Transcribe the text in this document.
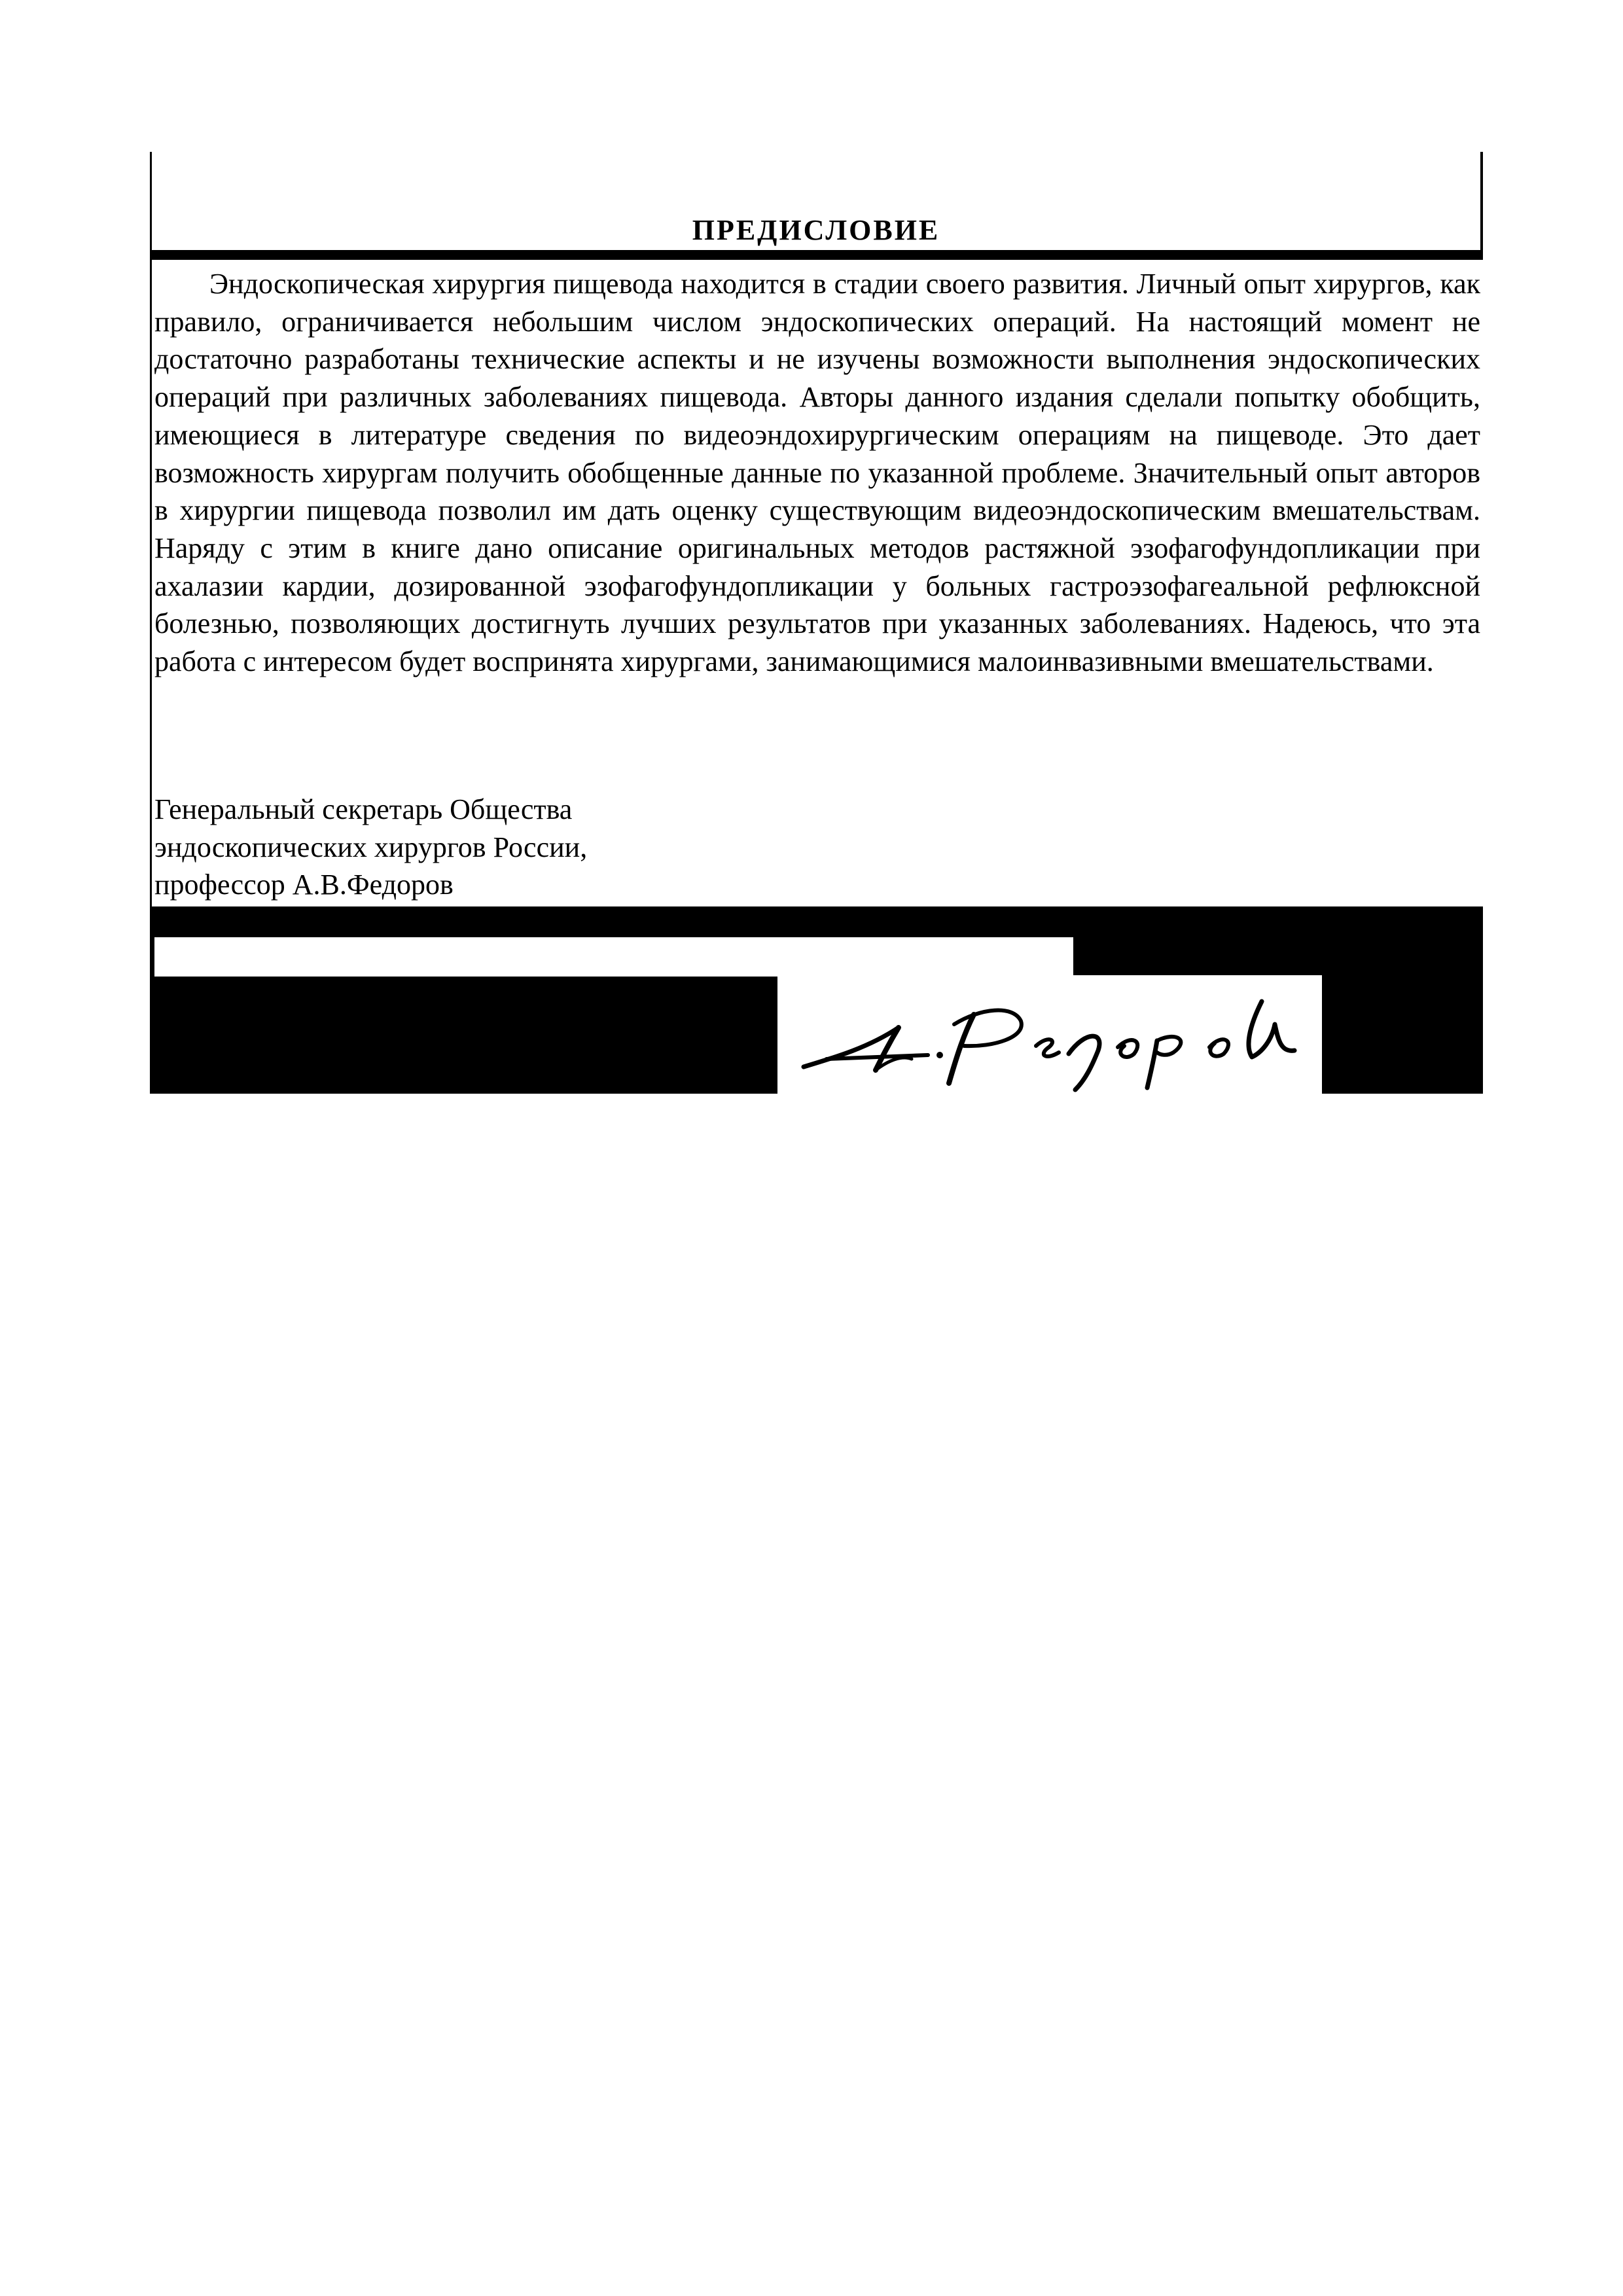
ПРЕДИСЛОВИЕ

Эндоскопическая хирургия пищевода находится в стадии своего развития. Личный опыт хирургов, как правило, ограничивается небольшим числом эндоскопических операций. На настоящий момент не достаточно разработаны технические аспекты и не изучены возможности выполнения эндоскопических операций при различных заболеваниях пищевода. Авторы данного издания сделали попытку обобщить, имеющиеся в литературе сведения по видеоэндохирургическим операциям на пищеводе. Это дает возможность хирургам получить обобщенные данные по указанной проблеме. Значительный опыт авторов в хирургии пищевода позволил им дать оценку существующим видеоэндоскопическим вмешательствам. Наряду с этим в книге дано описание оригинальных методов растяжной эзофагофундопликации при ахалазии кардии, дозированной эзофагофундопликации у больных гастроэзофагеальной рефлюксной болезнью, позволяющих достигнуть лучших результатов при указанных заболеваниях. Надеюсь, что эта работа с интересом будет воспринята хирургами, занимающимися малоинвазивными вмешательствами.

Генеральный секретарь Общества
эндоскопических хирургов России,
профессор А.В.Федоров
